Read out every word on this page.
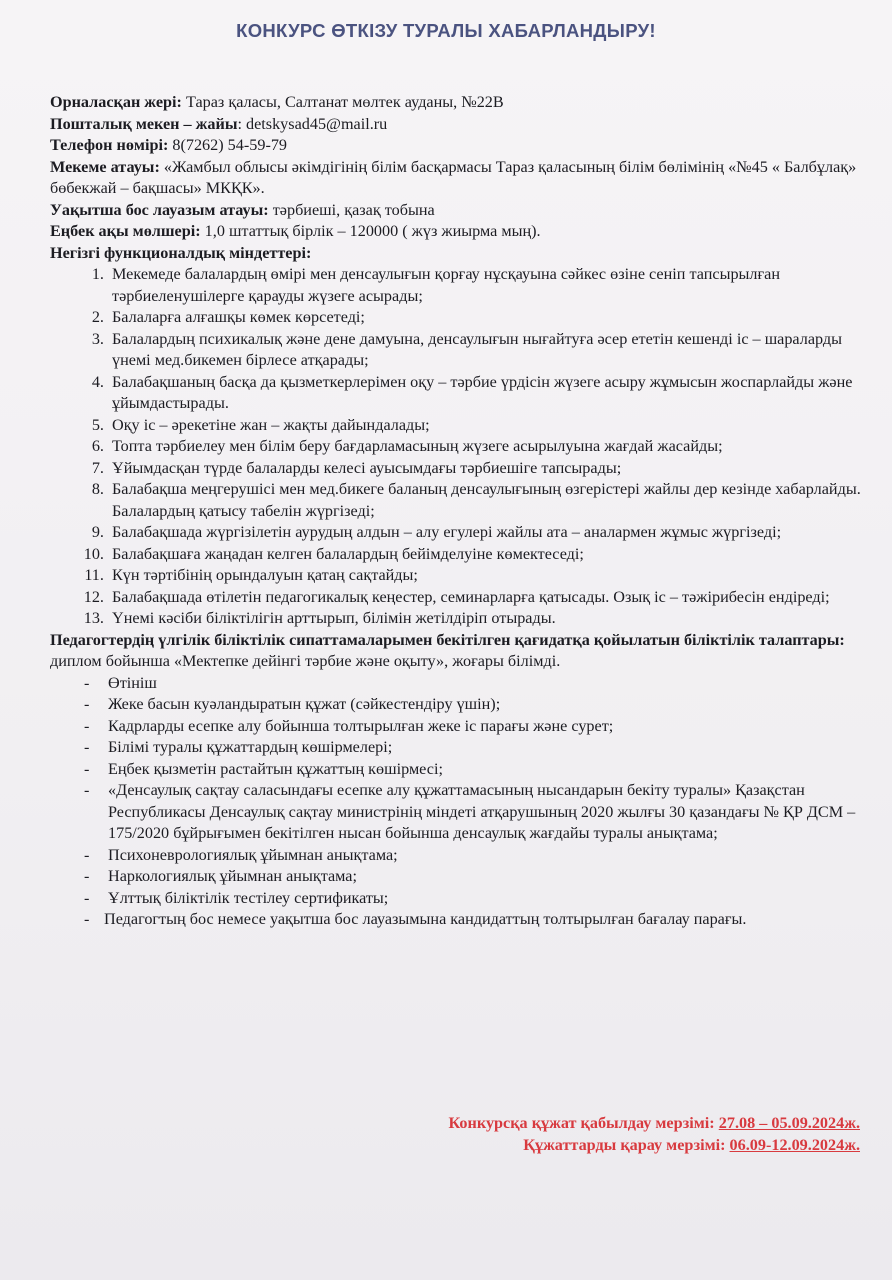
КОНКУРС ӨТКІЗУ ТУРАЛЫ ХАБАРЛАНДЫРУ!

Орналасқан жері: Тараз қаласы, Салтанат мөлтек ауданы, №22В

Пошталық мекен – жайы: detskysad45@mail.ru

Телефон нөмірі: 8(7262) 54-59-79

Мекеме атауы: «Жамбыл облысы әкімдігінің білім басқармасы Тараз қаласының білім бөлімінің «№45 « Балбұлақ» бөбекжай – бақшасы» МКҚК».

Уақытша бос лауазым атауы: тәрбиеші, қазақ тобына

Еңбек ақы мөлшері: 1,0 штаттық бірлік – 120000 ( жүз жиырма мың).

Негізгі функционалдық міндеттері:

1. Мекемеде балалардың өмірі мен денсаулығын қорғау нұсқауына сәйкес өзіне сеніп тапсырылған тәрбиеленушілерге қарауды жүзеге асырады;
2. Балаларға алғашқы көмек көрсетеді;
3. Балалардың психикалық және дене дамуына, денсаулығын нығайтуға әсер ететін кешенді іс – шараларды үнемі мед.бикемен бірлесе атқарады;
4. Балабақшаның басқа да қызметкерлерімен оқу – тәрбие үрдісін жүзеге асыру жұмысын жоспарлайды және ұйымдастырады.
5. Оқу іс – әрекетіне жан – жақты дайындалады;
6. Топта тәрбиелеу мен білім беру бағдарламасының жүзеге асырылуына жағдай жасайды;
7. Ұйымдасқан түрде балаларды келесі ауысымдағы тәрбиешіге тапсырады;
8. Балабақша меңгерушісі мен мед.бикеге баланың денсаулығының өзгерістері жайлы дер кезінде хабарлайды. Балалардың қатысу табелін жүргізеді;
9. Балабақшада жүргізілетін аурудың алдын – алу егулері жайлы ата – аналармен жұмыс жүргізеді;
10. Балабақшаға жаңадан келген балалардың бейімделуіне көмектеседі;
11. Күн тәртібінің орындалуын қатаң сақтайды;
12. Балабақшада өтілетін педагогикалық кеңестер, семинарларға қатысады. Озық іс – тәжірибесін ендіреді;
13. Үнемі кәсіби біліктілігін арттырып, білімін жетілдіріп отырады.

Педагогтердің үлгілік біліктілік сипаттамаларымен бекітілген қағидатқа қойылатын біліктілік талаптары: диплом бойынша «Мектепке дейінгі тәрбие және оқыту», жоғары білімді.

- Өтініш
- Жеке басын куәландыратын құжат (сәйкестендіру үшін);
- Кадрларды есепке алу бойынша толтырылған жеке іс парағы және сурет;
- Білімі туралы құжаттардың көшірмелері;
- Еңбек қызметін растайтын құжаттың көшірмесі;
- «Денсаулық сақтау саласындағы есепке алу құжаттамасының нысандарын бекіту туралы» Қазақстан Республикасы Денсаулық сақтау министрінің міндеті атқарушының 2020 жылғы 30 қазандағы № ҚР ДСМ – 175/2020 бұйрығымен бекітілген нысан бойынша денсаулық жағдайы туралы анықтама;
- Психоневрологиялық ұйымнан анықтама;
- Наркологиялық ұйымнан анықтама;
- Ұлттық біліктілік тестілеу сертификаты;
- Педагогтың бос немесе уақытша бос лауазымына кандидаттың толтырылған бағалау парағы.
Конкурсқа құжат қабылдау мерзімі: 27.08 – 05.09.2024ж.
Құжаттарды қарау мерзімі: 06.09-12.09.2024ж.
